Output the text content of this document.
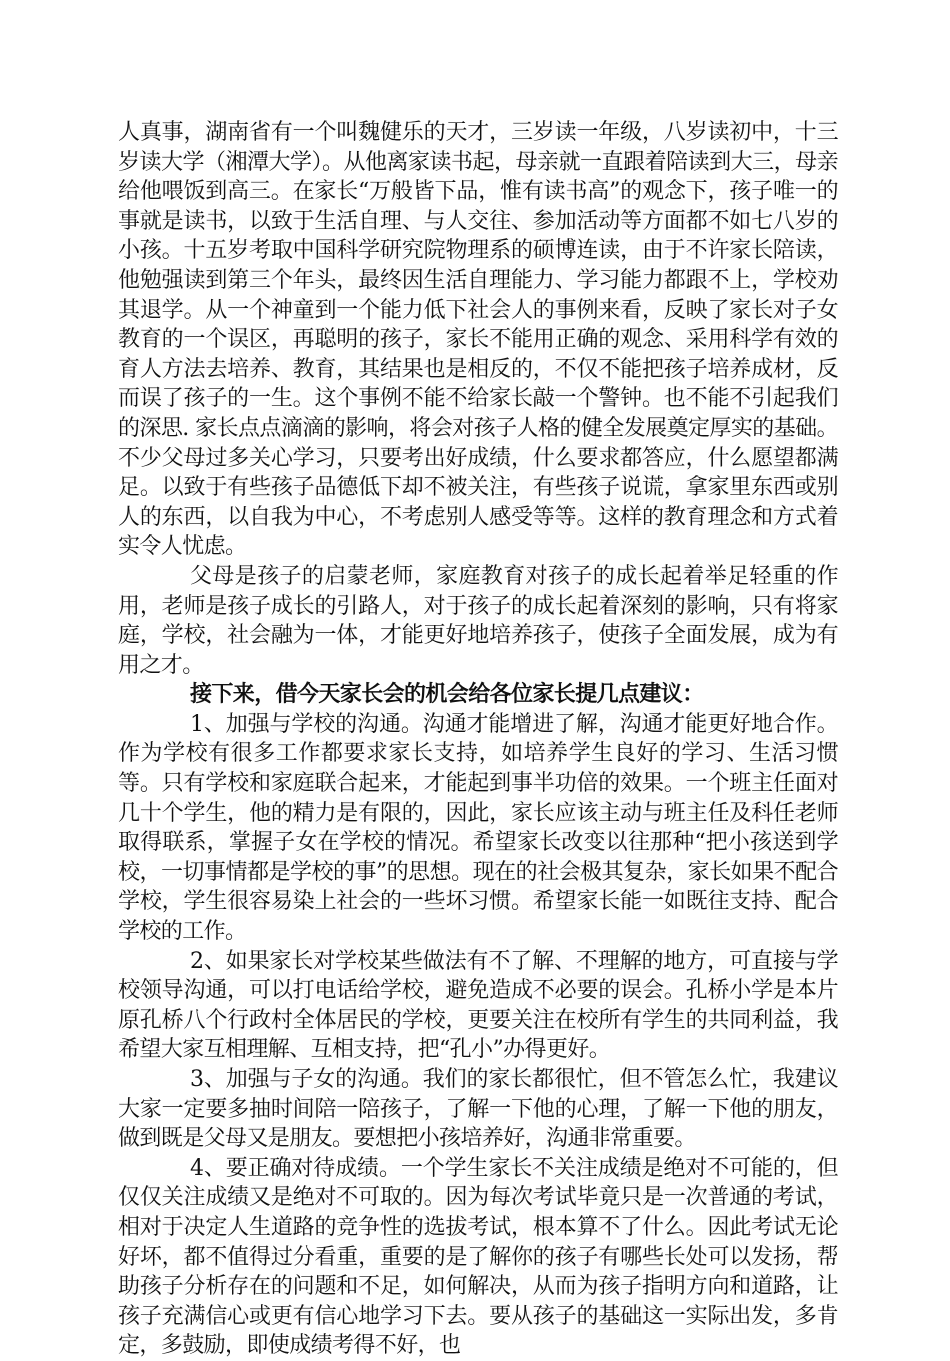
人真事，湖南省有一个叫魏健乐的天才，三岁读一年级，八岁读初中，十三岁读大学（湘潭大学）。从他离家读书起，母亲就一直跟着陪读到大三，母亲给他喂饭到高三。在家长“万般皆下品，惟有读书高”的观念下，孩子唯一的事就是读书，以致于生活自理、与人交往、参加活动等方面都不如七八岁的小孩。十五岁考取中国科学研究院物理系的硕博连读，由于不许家长陪读，他勉强读到第三个年头，最终因生活自理能力、学习能力都跟不上，学校劝其退学。从一个神童到一个能力低下社会人的事例来看，反映了家长对子女教育的一个误区，再聪明的孩子，家长不能用正确的观念、采用科学有效的育人方法去培养、教育，其结果也是相反的，不仅不能把孩子培养成材，反而误了孩子的一生。这个事例不能不给家长敲一个警钟。也不能不引起我们的深思. 家长点点滴滴的影响，将会对孩子人格的健全发展奠定厚实的基础。不少父母过多关心学习，只要考出好成绩，什么要求都答应，什么愿望都满足。以致于有些孩子品德低下却不被关注，有些孩子说谎，拿家里东西或别人的东西，以自我为中心，不考虑别人感受等等。这样的教育理念和方式着实令人忧虑。

父母是孩子的启蒙老师，家庭教育对孩子的成长起着举足轻重的作用，老师是孩子成长的引路人，对于孩子的成长起着深刻的影响，只有将家庭，学校，社会融为一体，才能更好地培养孩子，使孩子全面发展，成为有用之才。

接下来，借今天家长会的机会给各位家长提几点建议：

1、加强与学校的沟通。沟通才能增进了解，沟通才能更好地合作。作为学校有很多工作都要求家长支持，如培养学生良好的学习、生活习惯等。只有学校和家庭联合起来，才能起到事半功倍的效果。一个班主任面对几十个学生，他的精力是有限的，因此，家长应该主动与班主任及科任老师取得联系，掌握子女在学校的情况。希望家长改变以往那种“把小孩送到学校，一切事情都是学校的事”的思想。现在的社会极其复杂，家长如果不配合学校，学生很容易染上社会的一些坏习惯。希望家长能一如既往支持、配合学校的工作。

2、如果家长对学校某些做法有不了解、不理解的地方，可直接与学校领导沟通，可以打电话给学校，避免造成不必要的误会。孔桥小学是本片原孔桥八个行政村全体居民的学校，更要关注在校所有学生的共同利益，我希望大家互相理解、互相支持，把“孔小”办得更好。

3、加强与子女的沟通。我们的家长都很忙，但不管怎么忙，我建议大家一定要多抽时间陪一陪孩子，了解一下他的心理，了解一下他的朋友，做到既是父母又是朋友。要想把小孩培养好，沟通非常重要。

4、要正确对待成绩。一个学生家长不关注成绩是绝对不可能的，但仅仅关注成绩又是绝对不可取的。因为每次考试毕竟只是一次普通的考试，相对于决定人生道路的竞争性的选拔考试，根本算不了什么。因此考试无论好坏，都不值得过分看重，重要的是了解你的孩子有哪些长处可以发扬，帮助孩子分析存在的问题和不足，如何解决，从而为孩子指明方向和道路，让孩子充满信心或更有信心地学习下去。要从孩子的基础这一实际出发，多肯定，多鼓励，即使成绩考得不好，也
